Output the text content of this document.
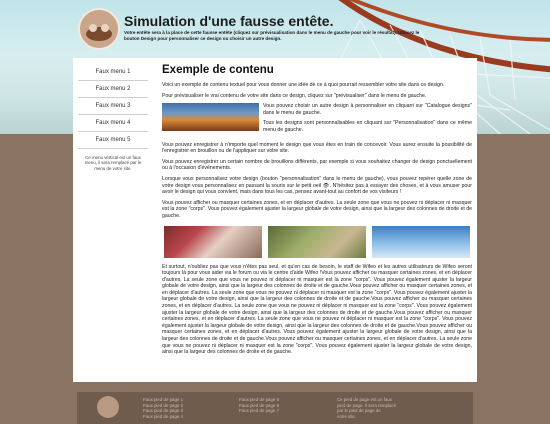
Simulation d'une fausse entête.
Votre entête sera à la place de cette fausse entête (cliquez sur prévisualisation dans le menu de gauche pour voir le résultat). Utilisez le bouton Design pour personnaliser ce design ou choisir un autre design.
Faux menu 1
Faux menu 2
Faux menu 3
Faux menu 4
Faux menu 5
Ce menu vertical est un faux menu, il sera remplacé par le menu de votre site.
Exemple de contenu

Voici un exemple de contenu textuel pour vous donner une idée de ce à quoi pourrait ressembler votre site dans ce design.

Pour prévisualiser le vrai contenu de votre site dans ce design, cliquez sur "prévisualiser" dans le menu de gauche.

Vous pouvez choisir un autre design à personnaliser en cliquant sur "Catalogue designs" dans le menu de gauche.

Tous les designs sont personnalisables en cliquant sur "Personnalisation" dans ce même menu de gauche.

Vous pouvez enregistrer à n'importe quel moment le design que vous êtes en train de concevoir. Vous aurez ensuite la possibilité de l'enregistrer en brouillon ou de l'appliquer sur votre site.

Vous pouvez enregistrer un certain nombre de brouillons différents, par exemple si vous souhaitez changer de design ponctuellement ou à l'occasion d'évènements.

Lorsque vous personnalisez votre design (bouton "personnalisation" dans le menu de gauche), vous pouvez repérer quelle zone de votre design vous personnalisez en passant la souris sur le petit oeil 👁. N'hésitez pas à essayer des choses, et à vous amuser pour avoir le design qui vous convient, mais dans tous les cas, pensez avant-tout au confort de vos visiteurs !

Vous pouvez afficher ou masquer certaines zones, et en déplacer d'autres. La seule zone que vous ne pouvez ni déplacer ni masquer est la zone "corps". Vous pouvez également ajuster la largeur globale de votre design, ainsi que la largeur des colonnes de droite et de gauche.

Et surtout, n'oubliez pas que vous n'êtes pas seul, et qu'en cas de besoin, le staff de Wifeo et les autres utilisateurs de Wifeo seront toujours là pour vous aider via le forum ou via le centre d'aide Wifeo !Vous pouvez afficher ou masquer certaines zones, et en déplacer d'autres. La seule zone que vous ne pouvez ni déplacer ni masquer est la zone "corps". Vous pouvez également ajuster la largeur globale de votre design, ainsi que la largeur des colonnes de droite et de gauche.Vous pouvez afficher ou masquer certaines zones, et en déplacer d'autres. La seule zone que vous ne pouvez ni déplacer ni masquer est la zone "corps". Vous pouvez également ajuster la largeur globale de votre design, ainsi que la largeur des colonnes de droite et de gauche.Vous pouvez afficher ou masquer certaines zones, et en déplacer d'autres. La seule zone que vous ne pouvez ni déplacer ni masquer est la zone "corps". Vous pouvez également ajuster la largeur globale de votre design, ainsi que la largeur des colonnes de droite et de gauche.Vous pouvez afficher ou masquer certaines zones, et en déplacer d'autres. La seule zone que vous ne pouvez ni déplacer ni masquer est la zone "corps". Vous pouvez également ajuster la largeur globale de votre design, ainsi que la largeur des colonnes de droite et de gauche.Vous pouvez afficher ou masquer certaines zones, et en déplacer d'autres. Vous pouvez également ajuster la largeur globale de votre design, ainsi que la largeur des colonnes de droite et de gauche.Vous pouvez afficher ou masquer certaines zones, et en déplacer d'autres. La seule zone que vous ne pouvez ni déplacer ni masquer est la zone "corps". Vous pouvez également ajuster la largeur globale de votre design, ainsi que la largeur des colonnes de droite et de gauche.

Faux pied de page 1
Faux pied de page 2
Faux pied de page 3
Faux pied de page 4
Faux pied de page 5
Faux pied de page 6
Faux pied de page 7
Ce pied de page est un faux
pied de page. Il sera remplacé
par le pied de page de
votre site.
